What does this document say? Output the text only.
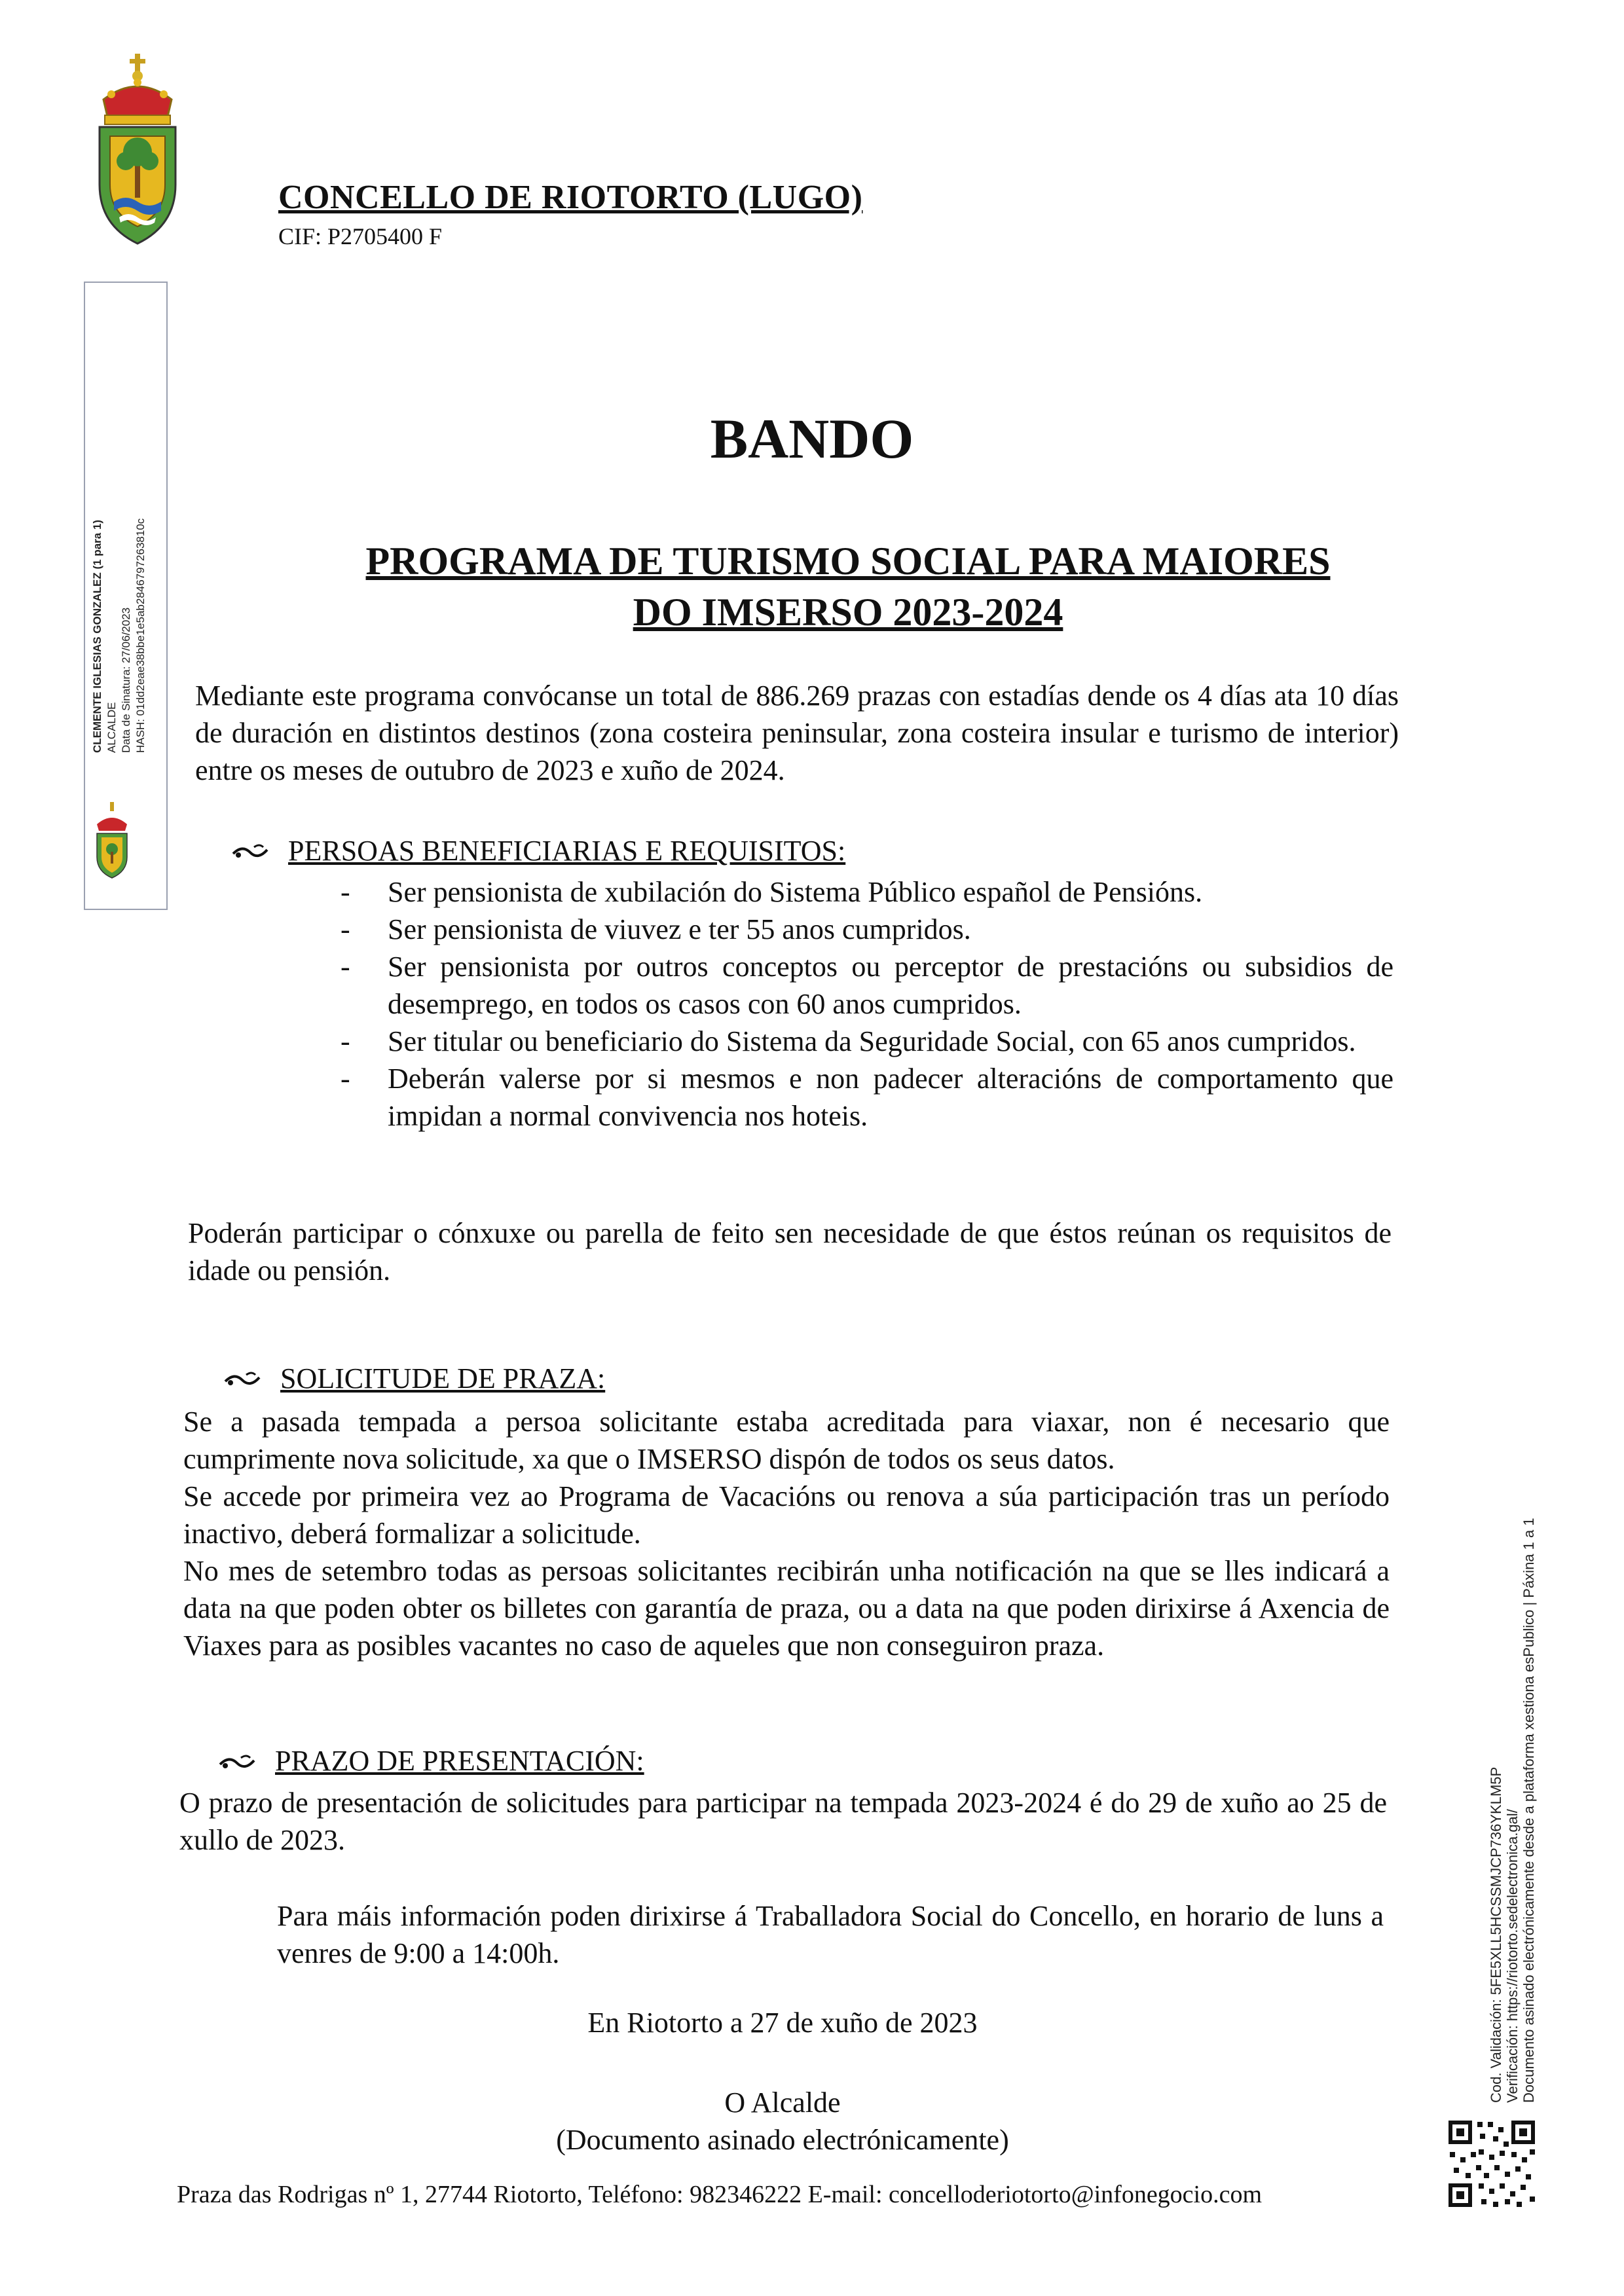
CONCELLO DE RIOTORTO (LUGO)
CIF: P2705400 F
CLEMENTE IGLESIAS GONZALEZ (1 para 1) ALCALDE Data de Sinatura: 27/06/2023 HASH: 01dd2eae38bbe1e5ab2846797263810c
BANDO
PROGRAMA DE TURISMO SOCIAL PARA MAIORES
DO IMSERSO 2023-2024
Mediante este programa convócanse un total de 886.269 prazas con estadías dende os 4 días ata 10 días de duración en distintos destinos (zona costeira peninsular, zona costeira insular e turismo de interior) entre os meses de outubro de 2023 e xuño de 2024.
PERSOAS BENEFICIARIAS E REQUISITOS:
- Ser pensionista de xubilación do Sistema Público español de Pensións.
- Ser pensionista de viuvez e ter 55 anos cumpridos.
- Ser pensionista por outros conceptos ou perceptor de prestacións ou subsidios de desemprego, en todos os casos con 60 anos cumpridos.
- Ser titular ou beneficiario do Sistema da Seguridade Social, con 65 anos cumpridos.
- Deberán valerse por si mesmos e non padecer alteracións de comportamento que impidan a normal convivencia nos hoteis.
Poderán participar o cónxuxe ou parella de feito sen necesidade de que éstos reúnan os requisitos de idade ou pensión.
SOLICITUDE DE PRAZA:

Se a pasada tempada a persoa solicitante estaba acreditada para viaxar, non é necesario que cumprimente nova solicitude, xa que o IMSERSO dispón de todos os seus datos.

Se accede por primeira vez ao Programa de Vacacións ou renova a súa participación tras un período inactivo, deberá formalizar a solicitude.

No mes de setembro todas as persoas solicitantes recibirán unha notificación na que se lles indicará a data na que poden obter os billetes con garantía de praza, ou a data na que poden dirixirse á Axencia de Viaxes para as posibles vacantes no caso de aqueles que non conseguiron praza.

PRAZO DE PRESENTACIÓN:
O prazo de presentación de solicitudes para participar na tempada 2023-2024 é do 29 de xuño ao 25 de xullo de 2023.
Para máis información poden dirixirse á Traballadora Social do Concello, en horario de luns a venres de 9:00 a 14:00h.
En Riotorto a 27 de xuño de 2023
O Alcalde
(Documento asinado electrónicamente)
Praza das Rodrigas nº 1, 27744 Riotorto, Teléfono: 982346222 E-mail: concelloderiotorto@infonegocio.com
Cod. Validación: 5FE5XLL5HCSSMJCP736YKLM5P Verificación: https://riotorto.sedelectronica.gal/ Documento asinado electrónicamente desde a plataforma xestiona esPublico | Páxina 1 a 1
